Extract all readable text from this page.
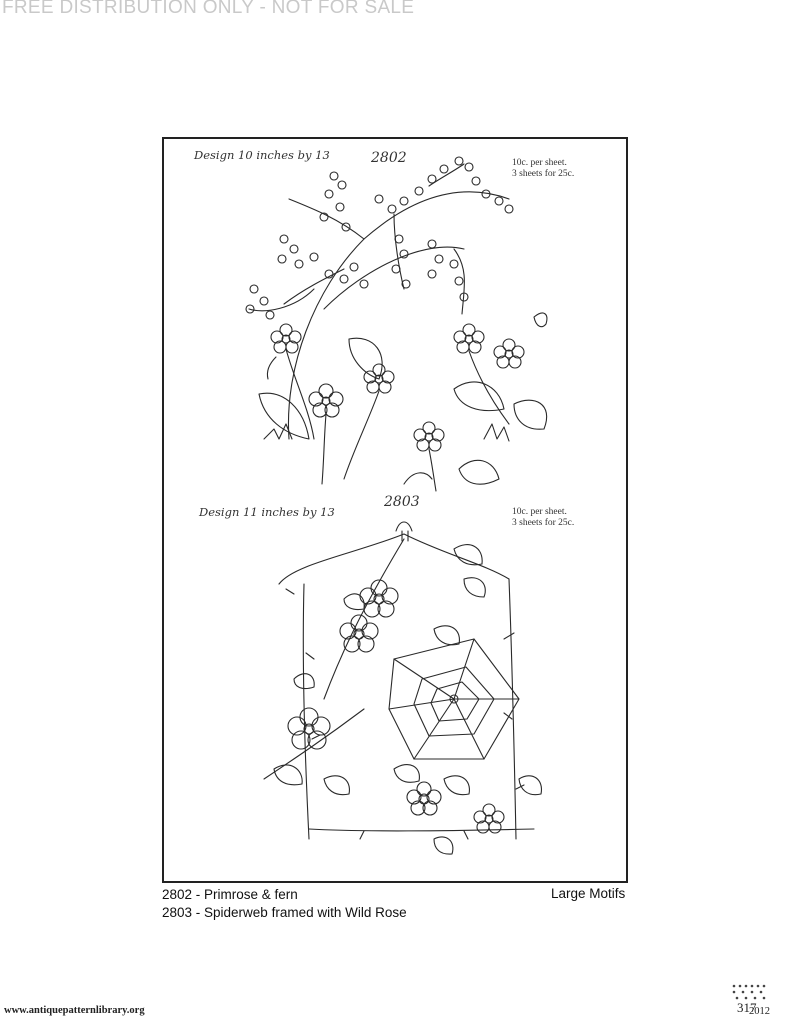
FREE DISTRIBUTION ONLY - NOT FOR SALE
Design 10 inches by 13	2802	10c. per sheet.
3 sheets for 25c.
Design 11 inches by 13
2803
10c. per sheet.
3 sheets for 25c.
2802 - Primrose & fern
2803 - Spiderweb framed with Wild Rose
Large Motifs
www.antiquepatternlibrary.org	317
2012
